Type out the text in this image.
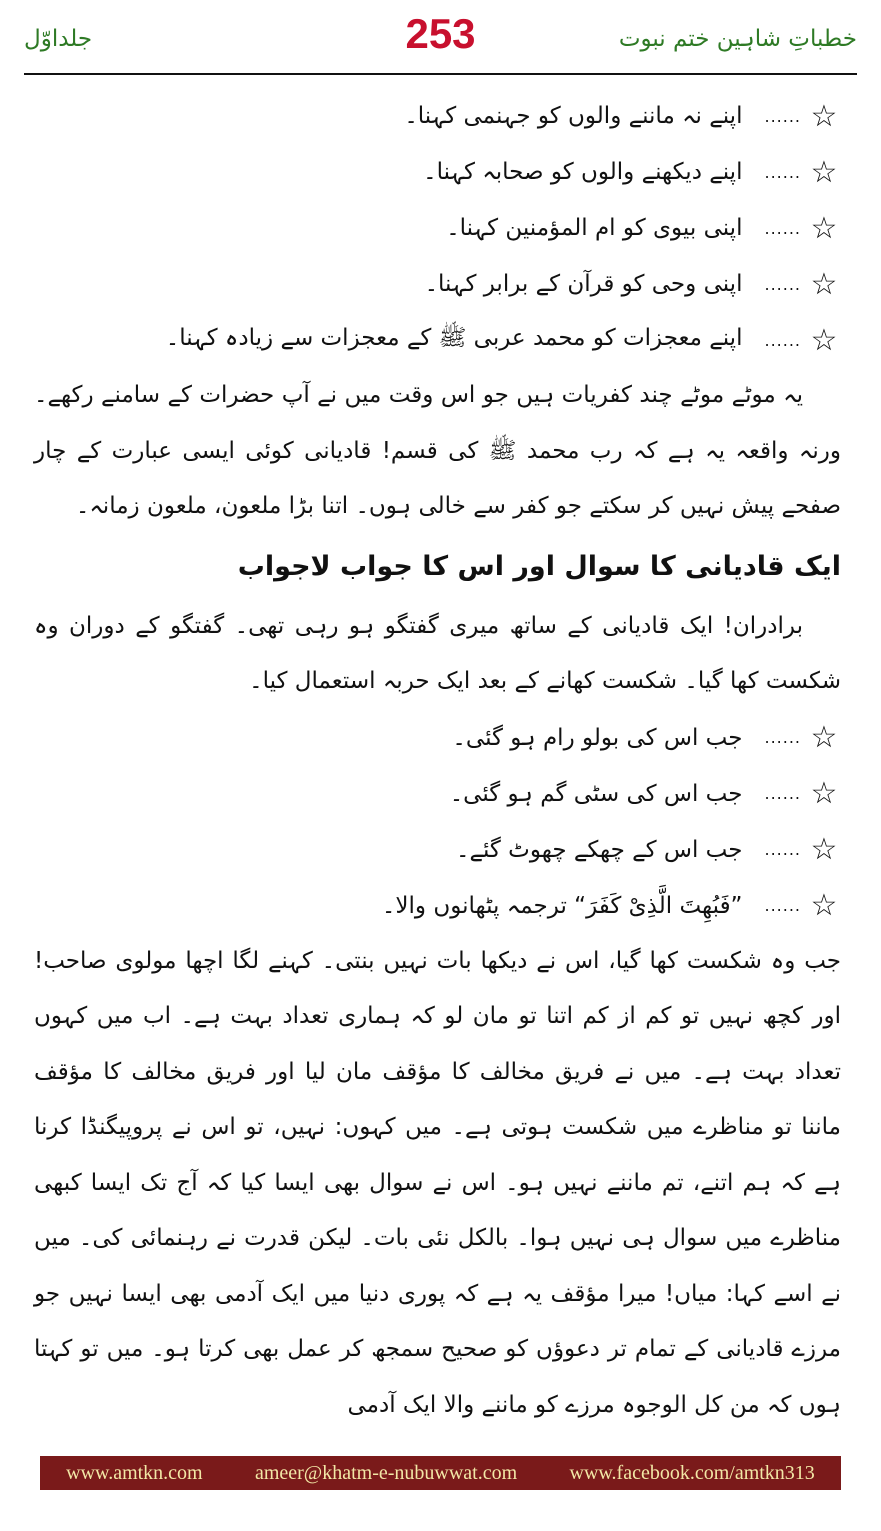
خطباتِ شاہین ختم نبوت
253
جلداوّل
☆
......
اپنے نہ ماننے والوں کو جہنمی کہنا۔
☆
......
اپنے دیکھنے والوں کو صحابہ کہنا۔
☆
......
اپنی بیوی کو ام المؤمنین کہنا۔
☆
......
اپنی وحی کو قرآن کے برابر کہنا۔
☆
......
اپنے معجزات کو محمد عربی ﷺ کے معجزات سے زیادہ کہنا۔

یہ موٹے موٹے چند کفریات ہیں جو اس وقت میں نے آپ حضرات کے سامنے رکھے۔ ورنہ واقعہ یہ ہے کہ رب محمد ﷺ کی قسم! قادیانی کوئی ایسی عبارت کے چار صفحے پیش نہیں کر سکتے جو کفر سے خالی ہوں۔ اتنا بڑا ملعون، ملعون زمانہ۔

ایک قادیانی کا سوال اور اس کا جواب لاجواب

برادران! ایک قادیانی کے ساتھ میری گفتگو ہو رہی تھی۔ گفتگو کے دوران وہ شکست کھا گیا۔ شکست کھانے کے بعد ایک حربہ استعمال کیا۔

☆
......
جب اس کی بولو رام ہو گئی۔
☆
......
جب اس کی سٹی گم ہو گئی۔
☆
......
جب اس کے چھکے چھوٹ گئے۔
☆
......
”فَبُهِتَ الَّذِىْ كَفَرَ“ ترجمہ پٹھانوں والا۔

جب وہ شکست کھا گیا، اس نے دیکھا بات نہیں بنتی۔ کہنے لگا اچھا مولوی صاحب! اور کچھ نہیں تو کم از کم اتنا تو مان لو کہ ہماری تعداد بہت ہے۔ اب میں کہوں تعداد بہت ہے۔ میں نے فریق مخالف کا مؤقف مان لیا اور فریق مخالف کا مؤقف ماننا تو مناظرے میں شکست ہوتی ہے۔ میں کہوں: نہیں، تو اس نے پروپیگنڈا کرنا ہے کہ ہم اتنے، تم ماننے نہیں ہو۔ اس نے سوال بھی ایسا کیا کہ آج تک ایسا کبھی مناظرے میں سوال ہی نہیں ہوا۔ بالکل نئی بات۔ لیکن قدرت نے رہنمائی کی۔ میں نے اسے کہا: میاں! میرا مؤقف یہ ہے کہ پوری دنیا میں ایک آدمی بھی ایسا نہیں جو مرزے قادیانی کے تمام تر دعوؤں کو صحیح سمجھ کر عمل بھی کرتا ہو۔ میں تو کہتا ہوں کہ من کل الوجوہ مرزے کو ماننے والا ایک آدمی

www.amtkn.com	ameer@khatm-e-nubuwwat.com	www.facebook.com/amtkn313
